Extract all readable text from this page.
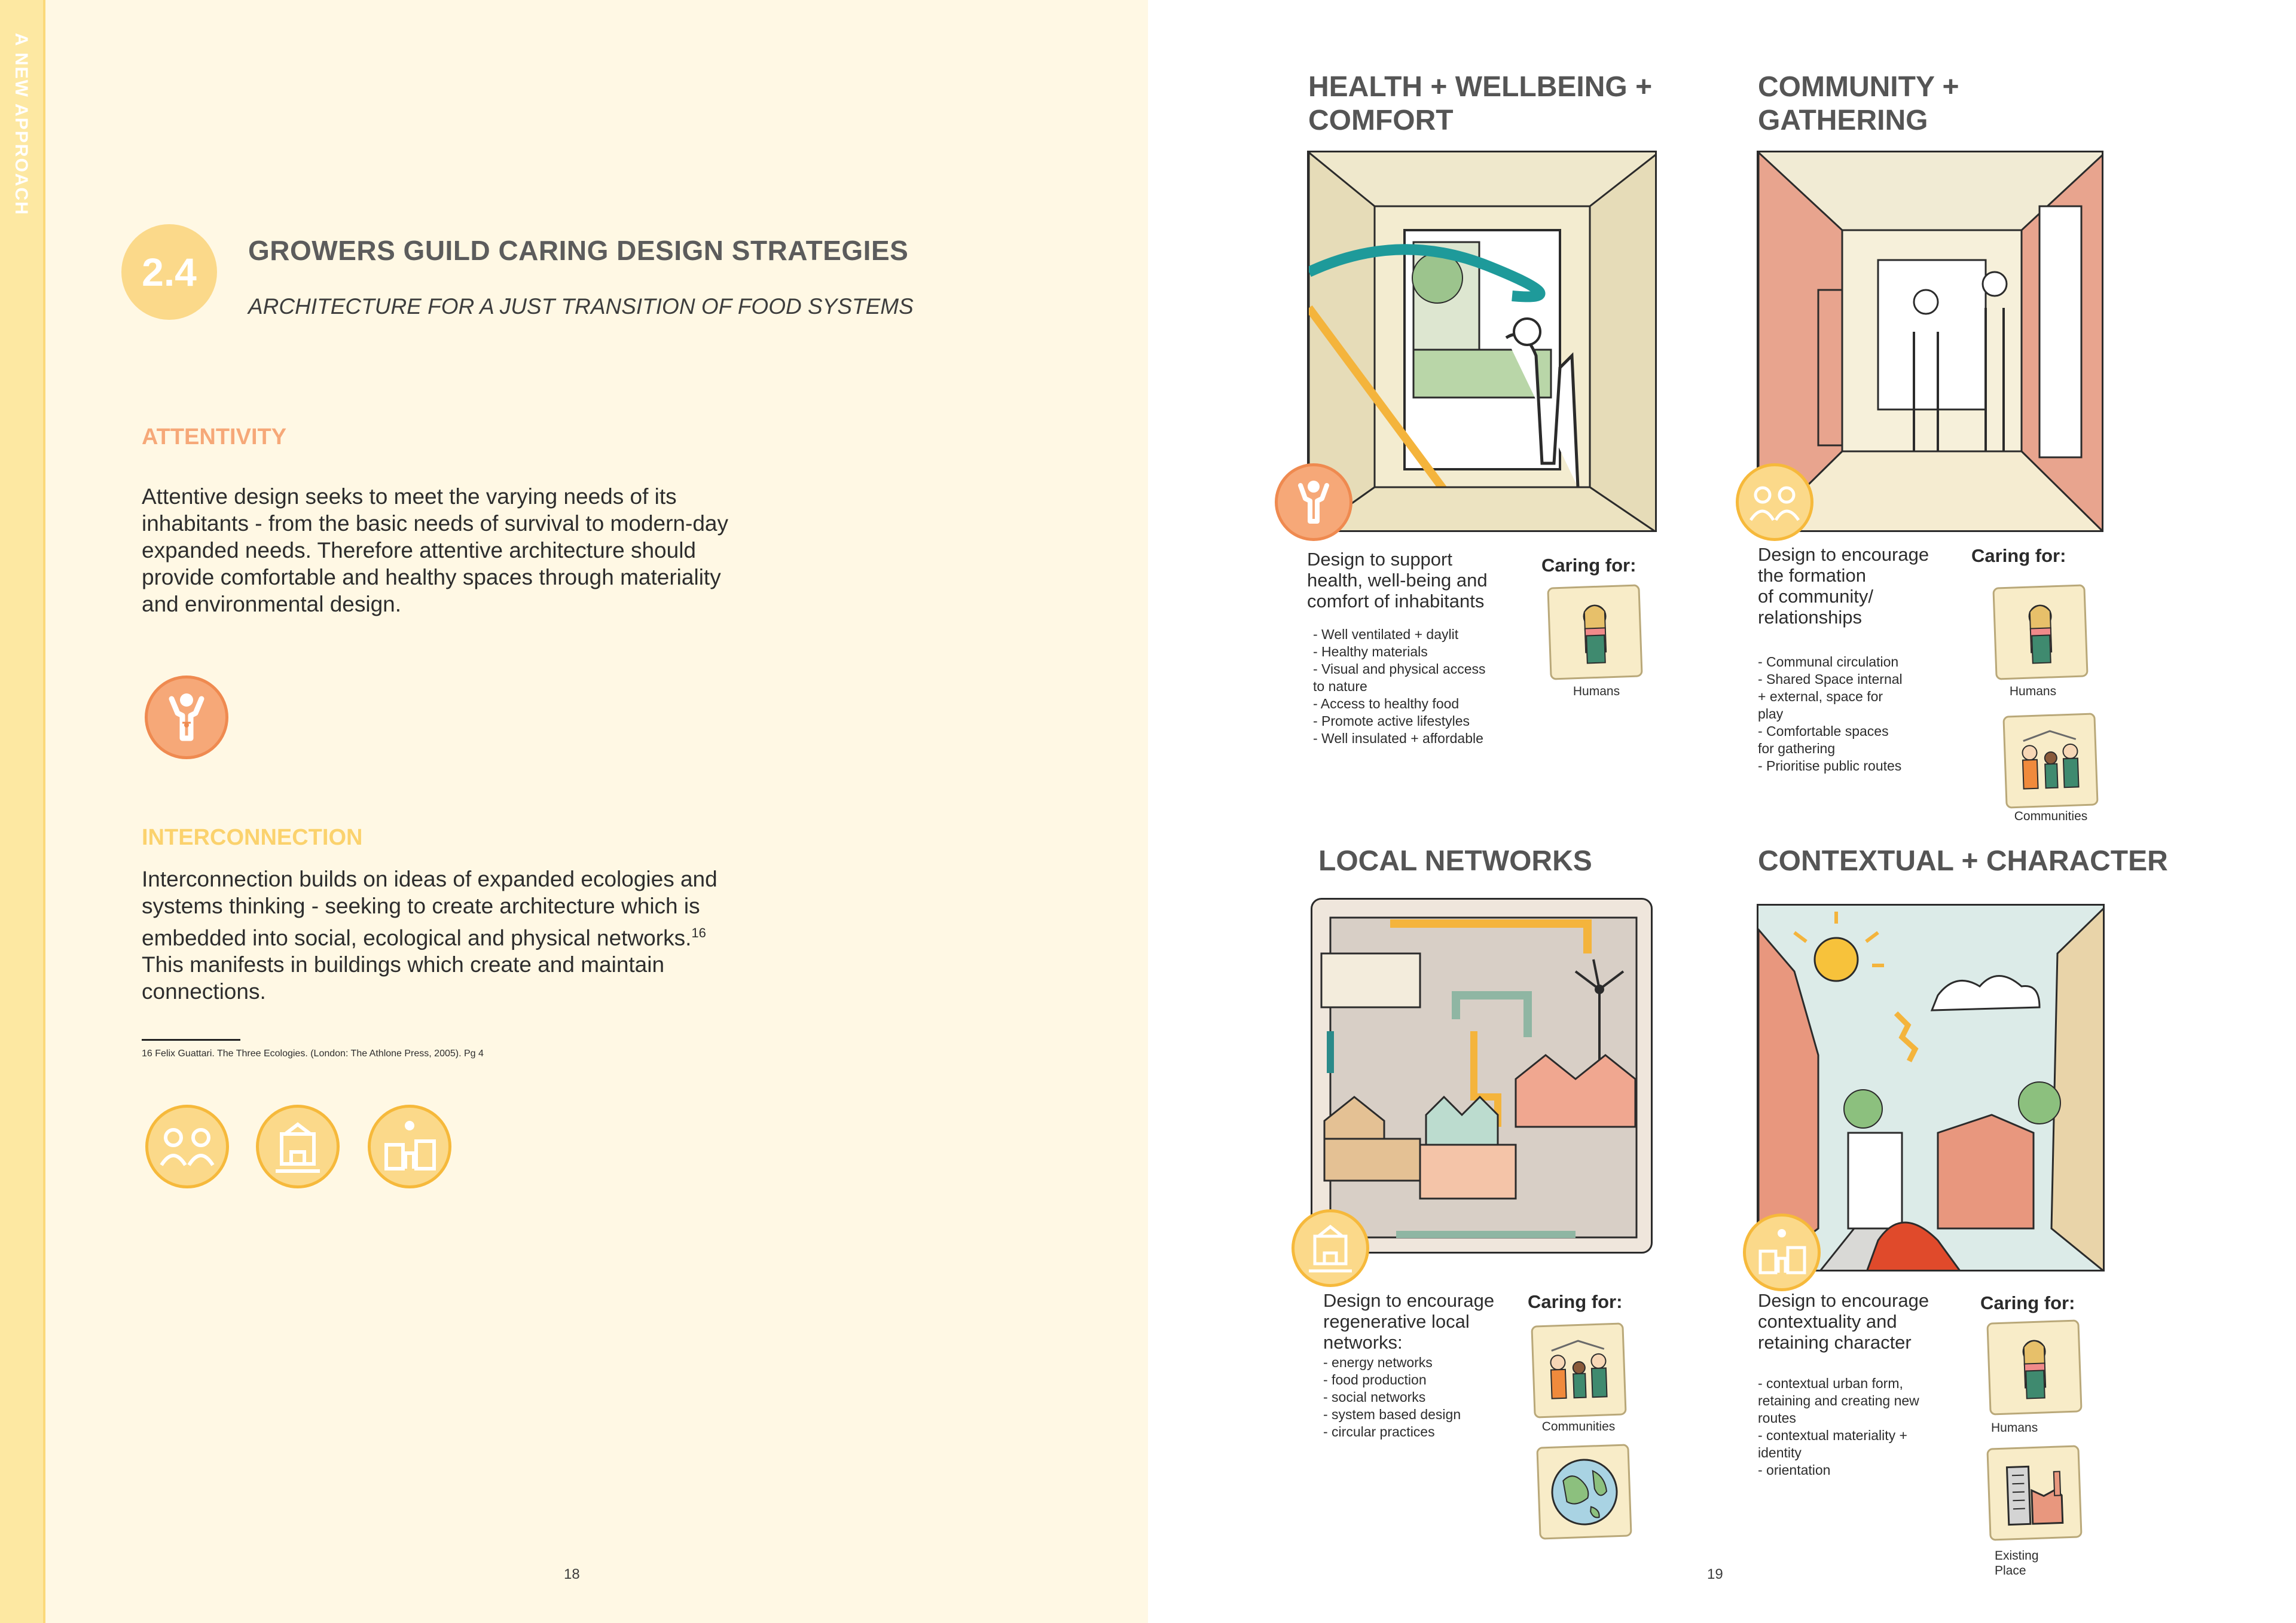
A NEW APPROACH
2.4 GROWERS GUILD CARING DESIGN STRATEGIES
ARCHITECTURE FOR A JUST TRANSITION OF FOOD SYSTEMS
ATTENTIVITY
Attentive design seeks to meet the varying needs of its inhabitants - from the basic needs of survival to modern-day expanded needs. Therefore attentive architecture should provide comfortable and healthy spaces through materiality and environmental design.
INTERCONNECTION
Interconnection builds on ideas of expanded ecologies and systems thinking - seeking to create architecture which is embedded into social, ecological and physical networks.$^{16}$ This manifests in buildings which create and maintain connections.
16 Felix Guattari. The Three Ecologies. (London: The Athlone Press, 2005). Pg 4
18
HEALTH + WELLBEING +
COMFORT
Design to support
health, well-being and
comfort of inhabitants
- Well ventilated + daylit
- Healthy materials
- Visual and physical access
to nature
- Access to healthy food
- Promote active lifestyles
- Well insulated + affordable
Caring for:
Humans
COMMUNITY +
GATHERING
Design to encourage
the formation
of community/
relationships
- Communal circulation
- Shared Space internal
+ external, space for
play
- Comfortable spaces
for gathering
- Prioritise public routes
Caring for:
Humans
Communities
LOCAL NETWORKS
Design to encourage
regenerative local
networks:
- energy networks
- food production
- social networks
- system based design
- circular practices
Caring for:
Communities
CONTEXTUAL + CHARACTER
Design to encourage
contextuality and
retaining character
- contextual urban form,
retaining and creating new
routes
- contextual materiality +
identity
- orientation
Caring for:
Humans
Existing
Place
19
